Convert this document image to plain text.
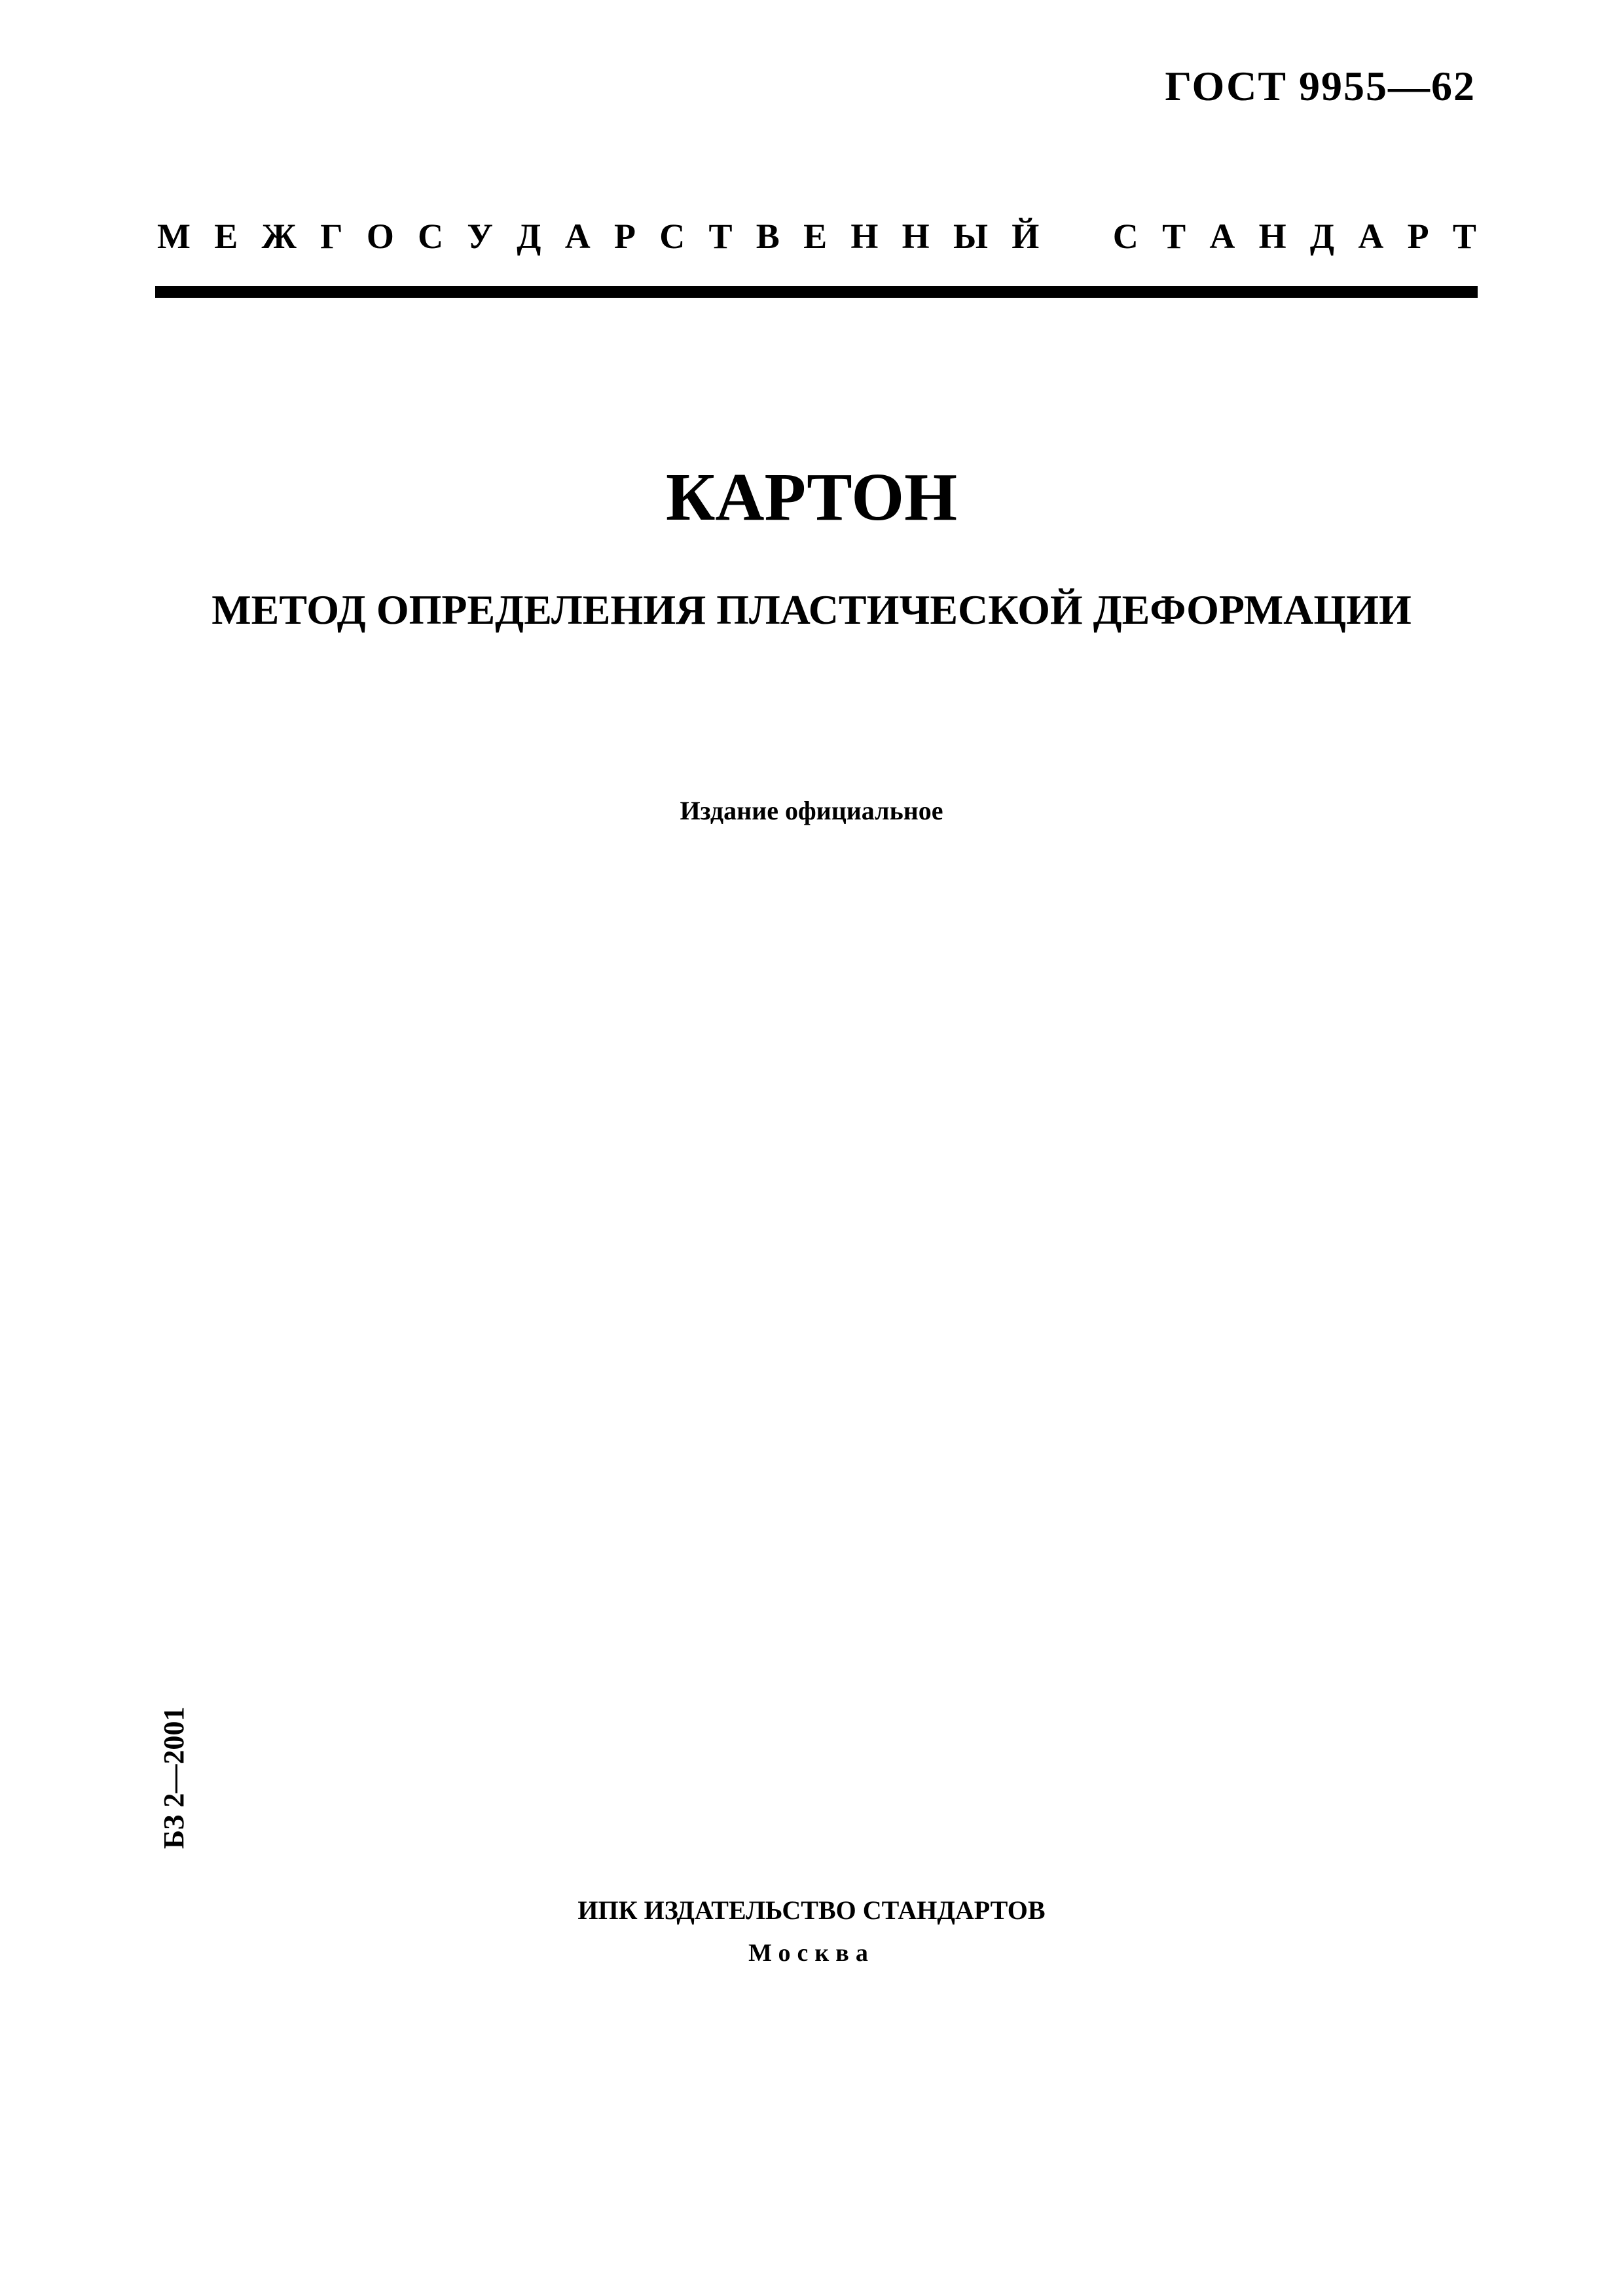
ГОСТ 9955—62
М Е Ж Г О С У Д А Р С Т В Е Н Н Ы Й С Т А Н Д А Р Т
КАРТОН
МЕТОД ОПРЕДЕЛЕНИЯ ПЛАСТИЧЕСКОЙ ДЕФОРМАЦИИ
Издание официальное
БЗ 2—2001
ИПК ИЗДАТЕЛЬСТВО СТАНДАРТОВ
Москва
